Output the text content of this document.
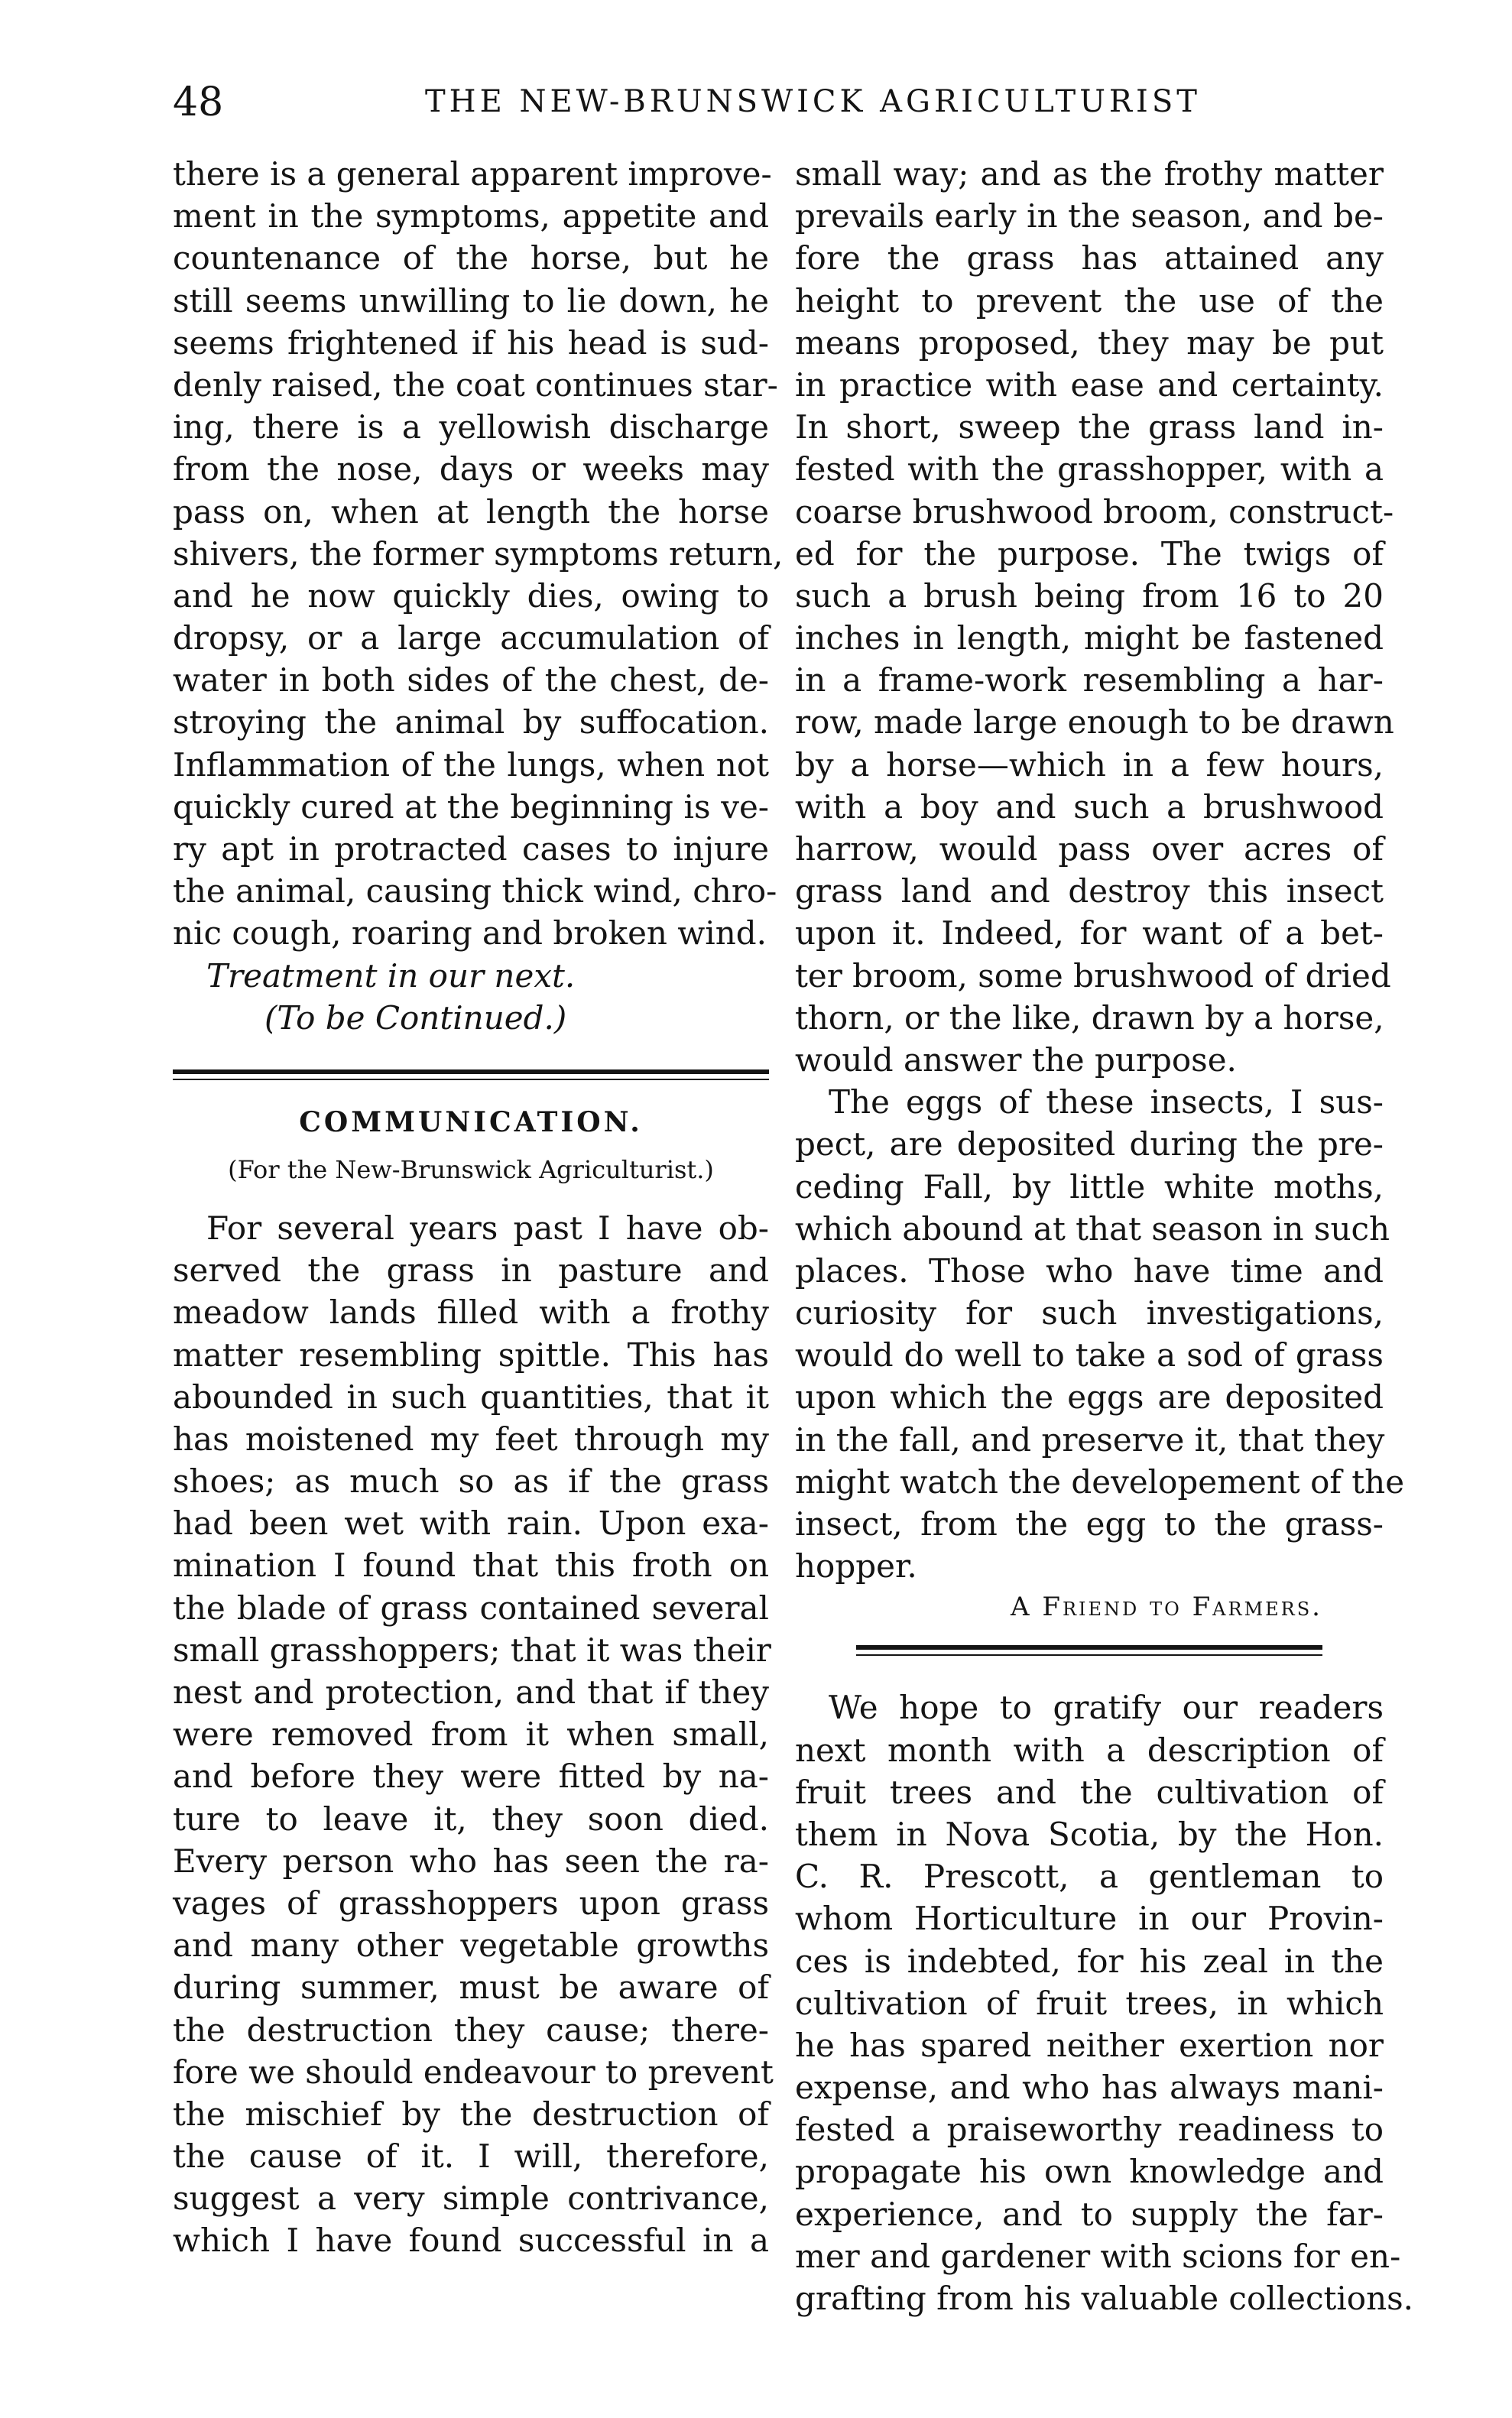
48	THE NEW-BRUNSWICK AGRICULTURIST
there is a general apparent improve-
ment in the symptoms, appetite and
countenance of the horse, but he
still seems unwilling to lie down, he
seems frightened if his head is sud-
denly raised, the coat continues star-
ing, there is a yellowish discharge
from the nose, days or weeks may
pass on, when at length the horse
shivers, the former symptoms return,
and he now quickly dies, owing to
dropsy, or a large accumulation of
water in both sides of the chest, de-
stroying the animal by suffocation.
Inflammation of the lungs, when not
quickly cured at the beginning is ve-
ry apt in protracted cases to injure
the animal, causing thick wind, chro-
nic cough, roaring and broken wind.
Treatment in our next.
(To be Continued.)
COMMUNICATION.
(For the New-Brunswick Agriculturist.)
For several years past I have ob-
served the grass in pasture and
meadow lands filled with a frothy
matter resembling spittle. This has
abounded in such quantities, that it
has moistened my feet through my
shoes; as much so as if the grass
had been wet with rain. Upon exa-
mination I found that this froth on
the blade of grass contained several
small grasshoppers; that it was their
nest and protection, and that if they
were removed from it when small,
and before they were fitted by na-
ture to leave it, they soon died.
Every person who has seen the ra-
vages of grasshoppers upon grass
and many other vegetable growths
during summer, must be aware of
the destruction they cause; there-
fore we should endeavour to prevent
the mischief by the destruction of
the cause of it. I will, therefore,
suggest a very simple contrivance,
which I have found successful in a
small way; and as the frothy matter
prevails early in the season, and be-
fore the grass has attained any
height to prevent the use of the
means proposed, they may be put
in practice with ease and certainty.
In short, sweep the grass land in-
fested with the grasshopper, with a
coarse brushwood broom, construct-
ed for the purpose. The twigs of
such a brush being from 16 to 20
inches in length, might be fastened
in a frame-work resembling a har-
row, made large enough to be drawn
by a horse—which in a few hours,
with a boy and such a brushwood
harrow, would pass over acres of
grass land and destroy this insect
upon it. Indeed, for want of a bet-
ter broom, some brushwood of dried
thorn, or the like, drawn by a horse,
would answer the purpose.
The eggs of these insects, I sus-
pect, are deposited during the pre-
ceding Fall, by little white moths,
which abound at that season in such
places. Those who have time and
curiosity for such investigations,
would do well to take a sod of grass
upon which the eggs are deposited
in the fall, and preserve it, that they
might watch the developement of the
insect, from the egg to the grass-
hopper.
A Friend to Farmers.
We hope to gratify our readers
next month with a description of
fruit trees and the cultivation of
them in Nova Scotia, by the Hon.
C. R. Prescott, a gentleman to
whom Horticulture in our Provin-
ces is indebted, for his zeal in the
cultivation of fruit trees, in which
he has spared neither exertion nor
expense, and who has always mani-
fested a praiseworthy readiness to
propagate his own knowledge and
experience, and to supply the far-
mer and gardener with scions for en-
grafting from his valuable collections.
